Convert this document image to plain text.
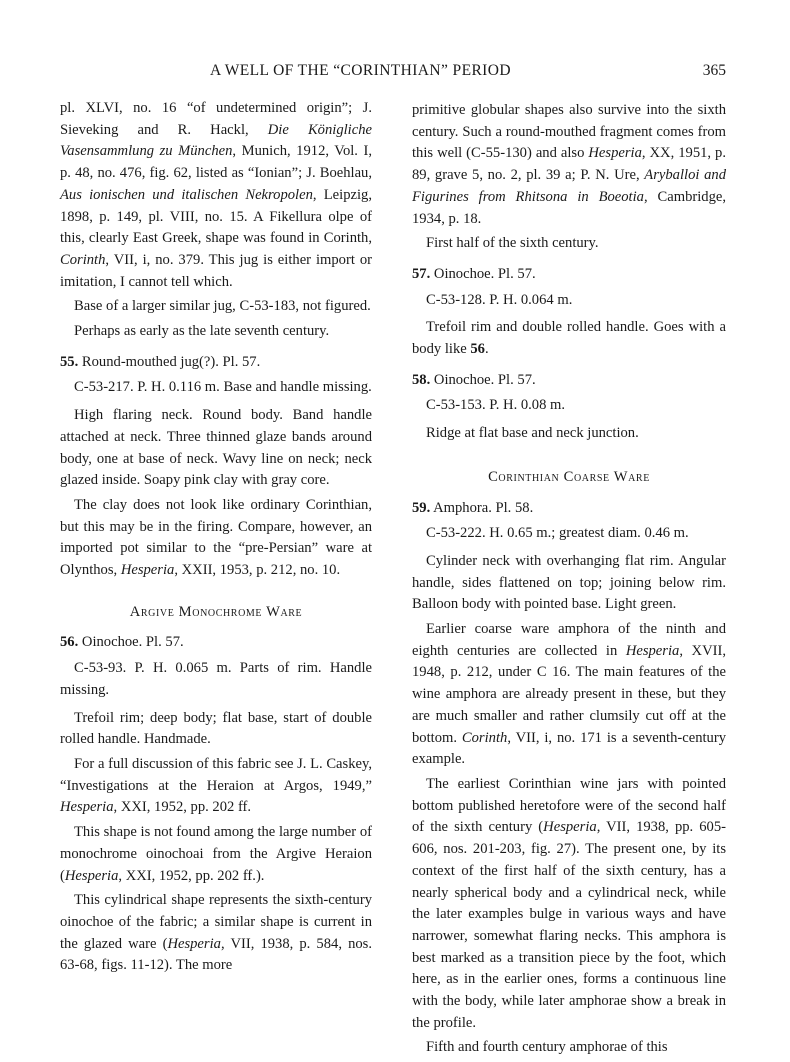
A WELL OF THE “CORINTHIAN” PERIOD	365

pl. XLVI, no. 16 “of undetermined origin”; J. Sieveking and R. Hackl, Die Königliche Vasensammlung zu München, Munich, 1912, Vol. I, p. 48, no. 476, fig. 62, listed as “Ionian”; J. Boehlau, Aus ionischen und italischen Nekropolen, Leipzig, 1898, p. 149, pl. VIII, no. 15. A Fikellura olpe of this, clearly East Greek, shape was found in Corinth, Corinth, VII, i, no. 379. This jug is either import or imitation, I cannot tell which.

Base of a larger similar jug, C-53-183, not figured.

Perhaps as early as the late seventh century.

55. Round-mouthed jug(?). Pl. 57.

C-53-217. P. H. 0.116 m. Base and handle missing.

High flaring neck. Round body. Band handle attached at neck. Three thinned glaze bands around body, one at base of neck. Wavy line on neck; neck glazed inside. Soapy pink clay with gray core.

The clay does not look like ordinary Corinthian, but this may be in the firing. Compare, however, an imported pot similar to the “pre-Persian” ware at Olynthos, Hesperia, XXII, 1953, p. 212, no. 10.

Argive Monochrome Ware

56. Oinochoe. Pl. 57.

C-53-93. P. H. 0.065 m. Parts of rim. Handle missing.

Trefoil rim; deep body; flat base, start of double rolled handle. Handmade.

For a full discussion of this fabric see J. L. Caskey, “Investigations at the Heraion at Argos, 1949,” Hesperia, XXI, 1952, pp. 202 ff.

This shape is not found among the large number of monochrome oinochoai from the Argive Heraion (Hesperia, XXI, 1952, pp. 202 ff.).

This cylindrical shape represents the sixth-century oinochoe of the fabric; a similar shape is current in the glazed ware (Hesperia, VII, 1938, p. 584, nos. 63-68, figs. 11-12). The more

primitive globular shapes also survive into the sixth century. Such a round-mouthed fragment comes from this well (C-55-130) and also Hesperia, XX, 1951, p. 89, grave 5, no. 2, pl. 39 a; P. N. Ure, Aryballoi and Figurines from Rhitsona in Boeotia, Cambridge, 1934, p. 18.

First half of the sixth century.

57. Oinochoe. Pl. 57.

C-53-128. P. H. 0.064 m.

Trefoil rim and double rolled handle. Goes with a body like 56.

58. Oinochoe. Pl. 57.

C-53-153. P. H. 0.08 m.

Ridge at flat base and neck junction.

Corinthian Coarse Ware

59. Amphora. Pl. 58.

C-53-222. H. 0.65 m.; greatest diam. 0.46 m.

Cylinder neck with overhanging flat rim. Angular handle, sides flattened on top; joining below rim. Balloon body with pointed base. Light green.

Earlier coarse ware amphora of the ninth and eighth centuries are collected in Hesperia, XVII, 1948, p. 212, under C 16. The main features of the wine amphora are already present in these, but they are much smaller and rather clumsily cut off at the bottom. Corinth, VII, i, no. 171 is a seventh-century example.

The earliest Corinthian wine jars with pointed bottom published heretofore were of the second half of the sixth century (Hesperia, VII, 1938, pp. 605-606, nos. 201-203, fig. 27). The present one, by its context of the first half of the sixth century, has a nearly spherical body and a cylindrical neck, while the later examples bulge in various ways and have narrower, somewhat flaring necks. This amphora is best marked as a transition piece by the foot, which here, as in the earlier ones, forms a continuous line with the body, while later amphorae show a break in the profile.

Fifth and fourth century amphorae of this
